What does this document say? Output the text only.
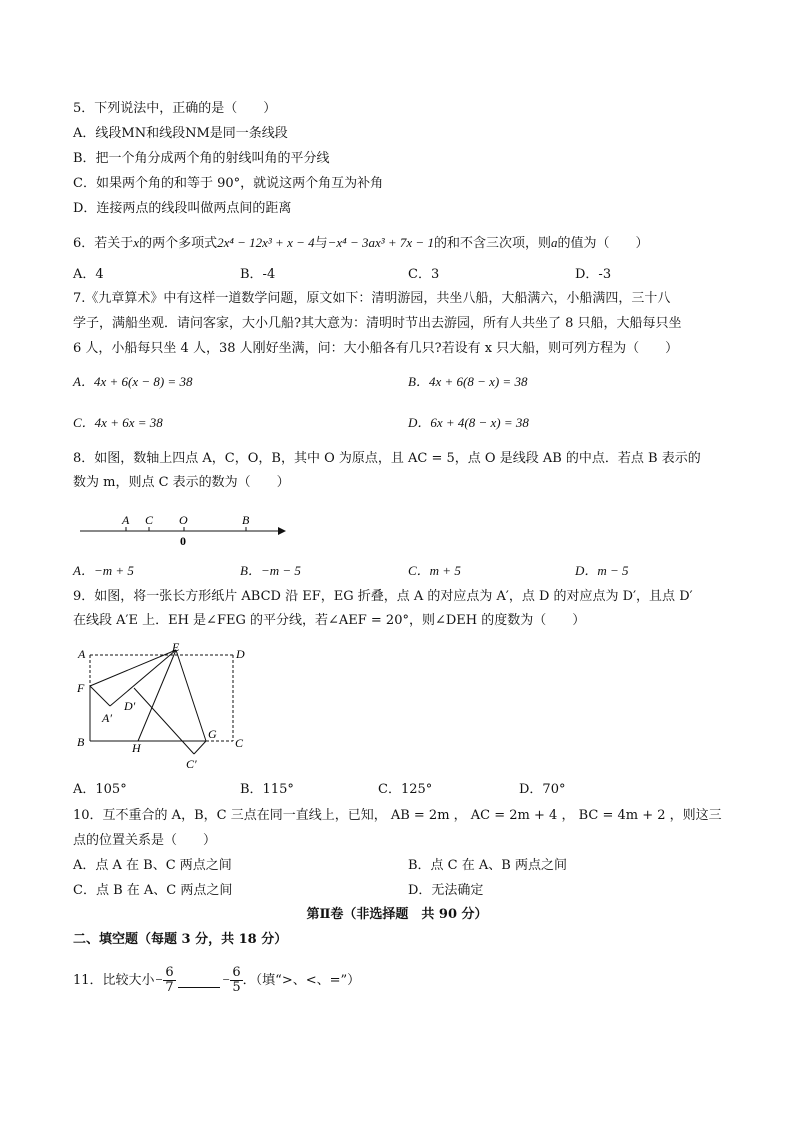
5．下列说法中，正确的是（　　）
A．线段MN和线段NM是同一条线段
B．把一个角分成两个角的射线叫角的平分线
C．如果两个角的和等于 90°，就说这两个角互为补角
D．连接两点的线段叫做两点间的距离
6．若关于x的两个多项式2x⁴ − 12x³ + x − 4与−x⁴ − 3ax³ + 7x − 1的和不含三次项，则a的值为（　　）
A．4	B．-4	C．3	D．-3
7.《九章算术》中有这样一道数学问题，原文如下：清明游园，共坐八船，大船满六，小船满四，三十八
学子，满船坐观．请问客家，大小几船?其大意为：清明时节出去游园，所有人共坐了 8 只船，大船每只坐
6 人，小船每只坐 4 人，38 人刚好坐满，问：大小船各有几只?若设有 x 只大船，则可列方程为（　　）
A．4x + 6(x − 8) = 38	B．4x + 6(8 − x) = 38
C．4x + 6x = 38	D．6x + 4(8 − x) = 38
8．如图，数轴上四点 A，C，O，B，其中 O 为原点，且 AC = 5，点 O 是线段 AB 的中点．若点 B 表示的
数为 m，则点 C 表示的数为（　　）
A C O	B
0
A．−m + 5	B．−m − 5	C．m + 5	D．m − 5
9．如图，将一张长方形纸片 ABCD 沿 EF，EG 折叠，点 A 的对应点为 A′，点 D 的对应点为 D′，且点 D′
在线段 A′E 上．EH 是∠FEG 的平分线，若∠AEF = 20°，则∠DEH 的度数为（　　）
A	E	D
F
D′
A′
B	H
G
C
C′
A．105°	B．115°	C．125°	D．70°
10．互不重合的 A，B，C 三点在同一直线上，已知， AB = 2m ， AC = 2m + 4 ， BC = 4m + 2 ，则这三
点的位置关系是（　　）
A．点 A 在 B、C 两点之间	B．点 C 在 A、B 两点之间
C．点 B 在 A、C 两点之间	D．无法确定
第Ⅱ卷（非选择题　共 90 分）
二、填空题（每题 3 分，共 18 分）
11．比较大小− $\frac{6}{7}$	− $\frac{6}{5}$ ．（填“>、<、=”）
